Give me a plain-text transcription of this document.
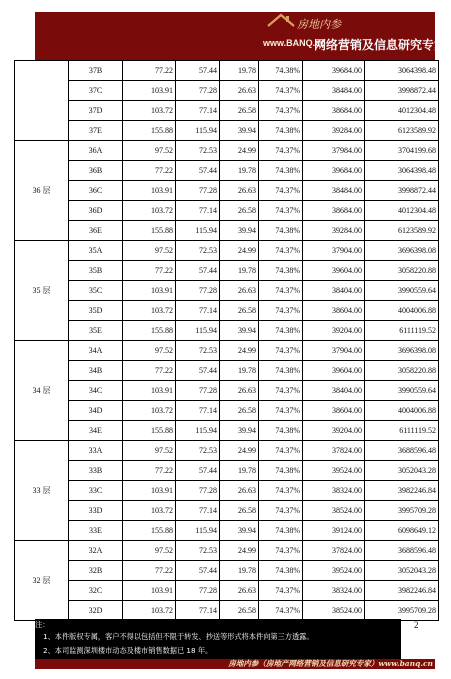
房地内参
www.BANQ.co
网络营销及信息研究专家
	37B	77.22	57.44	19.78	74.38%	39684.00	3064398.48
	37C	103.91	77.28	26.63	74.37%	38484.00	3998872.44
	37D	103.72	77.14	26.58	74.37%	38684.00	4012304.48
	37E	155.88	115.94	39.94	74.38%	39284.00	6123589.92
36 层	36A	97.52	72.53	24.99	74.37%	37984.00	3704199.68
	36B	77.22	57.44	19.78	74.38%	39684.00	3064398.48
	36C	103.91	77.28	26.63	74.37%	38484.00	3998872.44
	36D	103.72	77.14	26.58	74.37%	38684.00	4012304.48
	36E	155.88	115.94	39.94	74.38%	39284.00	6123589.92
35 层	35A	97.52	72.53	24.99	74.37%	37904.00	3696398.08
	35B	77.22	57.44	19.78	74.38%	39604.00	3058220.88
	35C	103.91	77.28	26.63	74.37%	38404.00	3990559.64
	35D	103.72	77.14	26.58	74.37%	38604.00	4004006.88
	35E	155.88	115.94	39.94	74.38%	39204.00	6111119.52
34 层	34A	97.52	72.53	24.99	74.37%	37904.00	3696398.08
	34B	77.22	57.44	19.78	74.38%	39604.00	3058220.88
	34C	103.91	77.28	26.63	74.37%	38404.00	3990559.64
	34D	103.72	77.14	26.58	74.37%	38604.00	4004006.88
	34E	155.88	115.94	39.94	74.38%	39204.00	6111119.52
33 层	33A	97.52	72.53	24.99	74.37%	37824.00	3688596.48
	33B	77.22	57.44	19.78	74.38%	39524.00	3052043.28
	33C	103.91	77.28	26.63	74.37%	38324.00	3982246.84
	33D	103.72	77.14	26.58	74.37%	38524.00	3995709.28
	33E	155.88	115.94	39.94	74.38%	39124.00	6098649.12
32 层	32A	97.52	72.53	24.99	74.37%	37824.00	3688596.48
	32B	77.22	57.44	19.78	74.38%	39524.00	3052043.28
	32C	103.91	77.28	26.63	74.37%	38324.00	3982246.84
	32D	103.72	77.14	26.58	74.37%	38524.00	3995709.28
2
注：
1、本件版权专属，客户不得以包括但不限于转发、抄送等形式将本件向第三方透露。
2、本司监测深圳楼市动态及楼市销售数据已 18 年。
房地内参（房地产网络营销及信息研究专家）www.banq.cn
